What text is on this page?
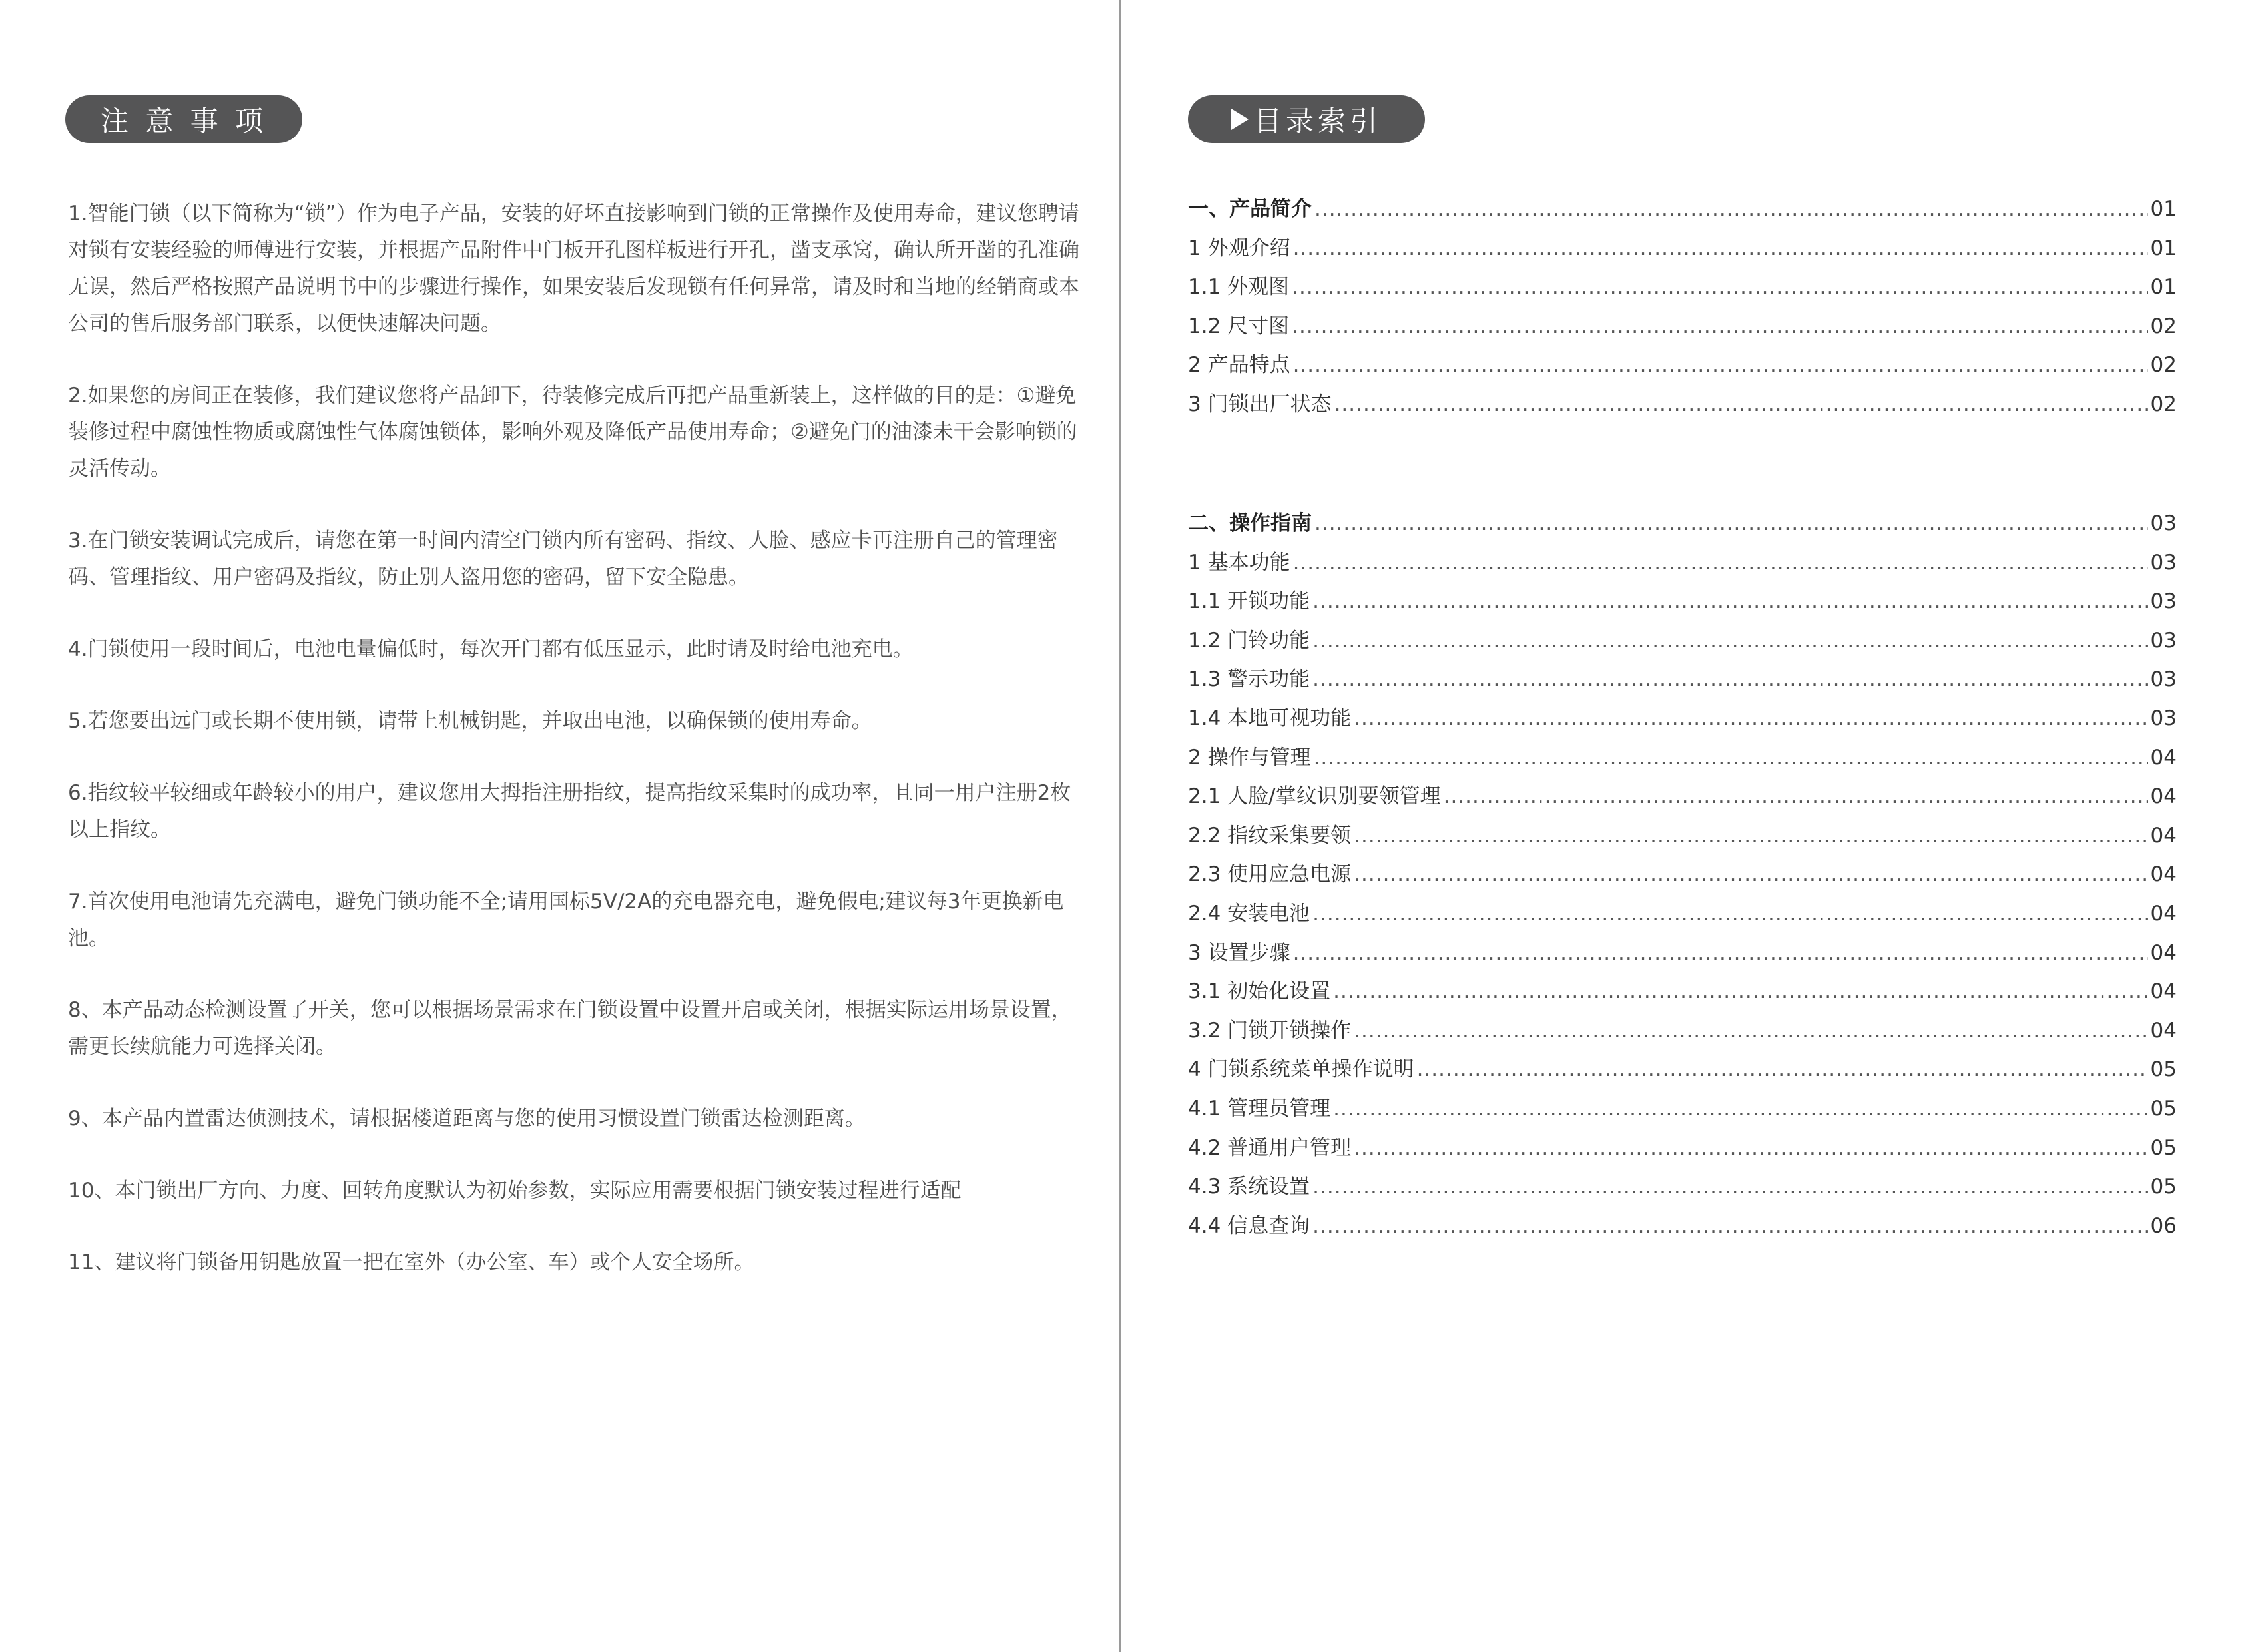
注 意 事 项

1.智能门锁（以下简称为“锁”）作为电子产品，安装的好坏直接影响到门锁的正常操作及使用寿命，建议您聘请对锁有安装经验的师傅进行安装，并根据产品附件中门板开孔图样板进行开孔，凿支承窝，确认所开凿的孔准确无误，然后严格按照产品说明书中的步骤进行操作，如果安装后发现锁有任何异常，请及时和当地的经销商或本公司的售后服务部门联系，以便快速解决问题。

2.如果您的房间正在装修，我们建议您将产品卸下，待装修完成后再把产品重新装上，这样做的目的是：①避免装修过程中腐蚀性物质或腐蚀性气体腐蚀锁体，影响外观及降低产品使用寿命；②避免门的油漆未干会影响锁的灵活传动。

3.在门锁安装调试完成后，请您在第一时间内清空门锁内所有密码、指纹、人脸、感应卡再注册自己的管理密码、管理指纹、用户密码及指纹，防止别人盗用您的密码，留下安全隐患。

4.门锁使用一段时间后，电池电量偏低时，每次开门都有低压显示，此时请及时给电池充电。

5.若您要出远门或长期不使用锁，请带上机械钥匙，并取出电池，以确保锁的使用寿命。

6.指纹较平较细或年龄较小的用户，建议您用大拇指注册指纹，提高指纹采集时的成功率，且同一用户注册2枚以上指纹。

7.首次使用电池请先充满电，避免门锁功能不全;请用国标5V/2A的充电器充电，避免假电;建议每3年更换新电池。

8、本产品动态检测设置了开关，您可以根据场景需求在门锁设置中设置开启或关闭，根据实际运用场景设置，需更长续航能力可选择关闭。

9、本产品内置雷达侦测技术，请根据楼道距离与您的使用习惯设置门锁雷达检测距离。

10、本门锁出厂方向、力度、回转角度默认为初始参数，实际应用需要根据门锁安装过程进行适配

11、建议将门锁备用钥匙放置一把在室外（办公室、车）或个人安全场所。

目录索引
一、产品简介 .....	01
1 外观介绍 .....	01
1.1 外观图 .....	01
1.2 尺寸图 .....	02
2 产品特点 .....	02
3 门锁出厂状态 .....	02
二、操作指南 .....	03
1 基本功能 .....	03
1.1 开锁功能 .....	03
1.2 门铃功能 .....	03
1.3 警示功能 .....	03
1.4 本地可视功能 .....	03
2 操作与管理 .....	04
2.1 人脸/掌纹识别要领管理 .....	04
2.2 指纹采集要领 .....	04
2.3 使用应急电源 .....	04
2.4 安装电池 .....	04
3 设置步骤 .....	04
3.1 初始化设置 .....	04
3.2 门锁开锁操作 .....	04
4 门锁系统菜单操作说明 .....	05
4.1 管理员管理 .....	05
4.2 普通用户管理 .....	05
4.3 系统设置 .....	05
4.4 信息查询 .....	06
